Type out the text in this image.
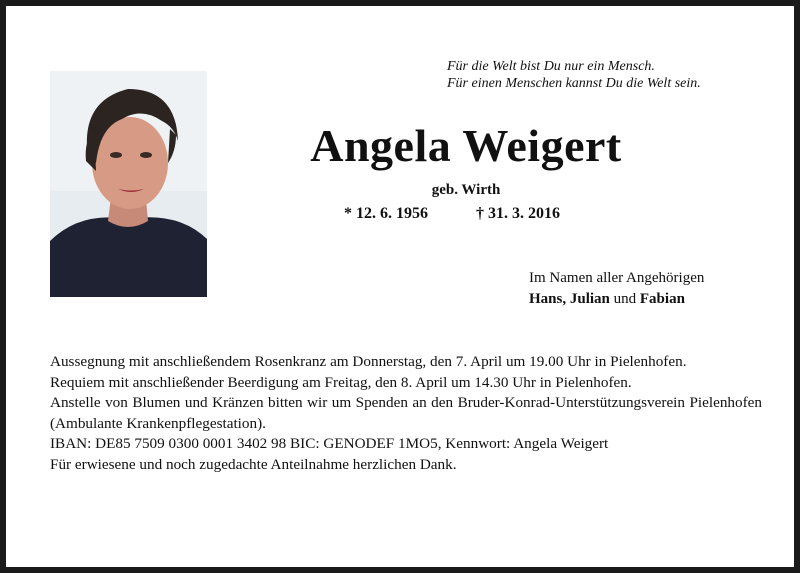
Für die Welt bist Du nur ein Mensch.
Für einen Menschen kannst Du die Welt sein.
Angela Weigert
geb. Wirth
* 12. 6. 1956	† 31. 3. 2016
Im Namen aller Angehörigen
Hans, Julian und Fabian

Aussegnung mit anschließendem Rosenkranz am Donnerstag, den 7. April um 19.00 Uhr in Pielenhofen.

Requiem mit anschließender Beerdigung am Freitag, den 8. April um 14.30 Uhr in Pielenhofen.

Anstelle von Blumen und Kränzen bitten wir um Spenden an den Bruder-Konrad-Unterstützungsverein Pielenhofen (Ambulante Krankenpflegestation).

IBAN: DE85 7509 0300 0001 3402 98 BIC: GENODEF 1MO5, Kennwort: Angela Weigert

Für erwiesene und noch zugedachte Anteilnahme herzlichen Dank.
